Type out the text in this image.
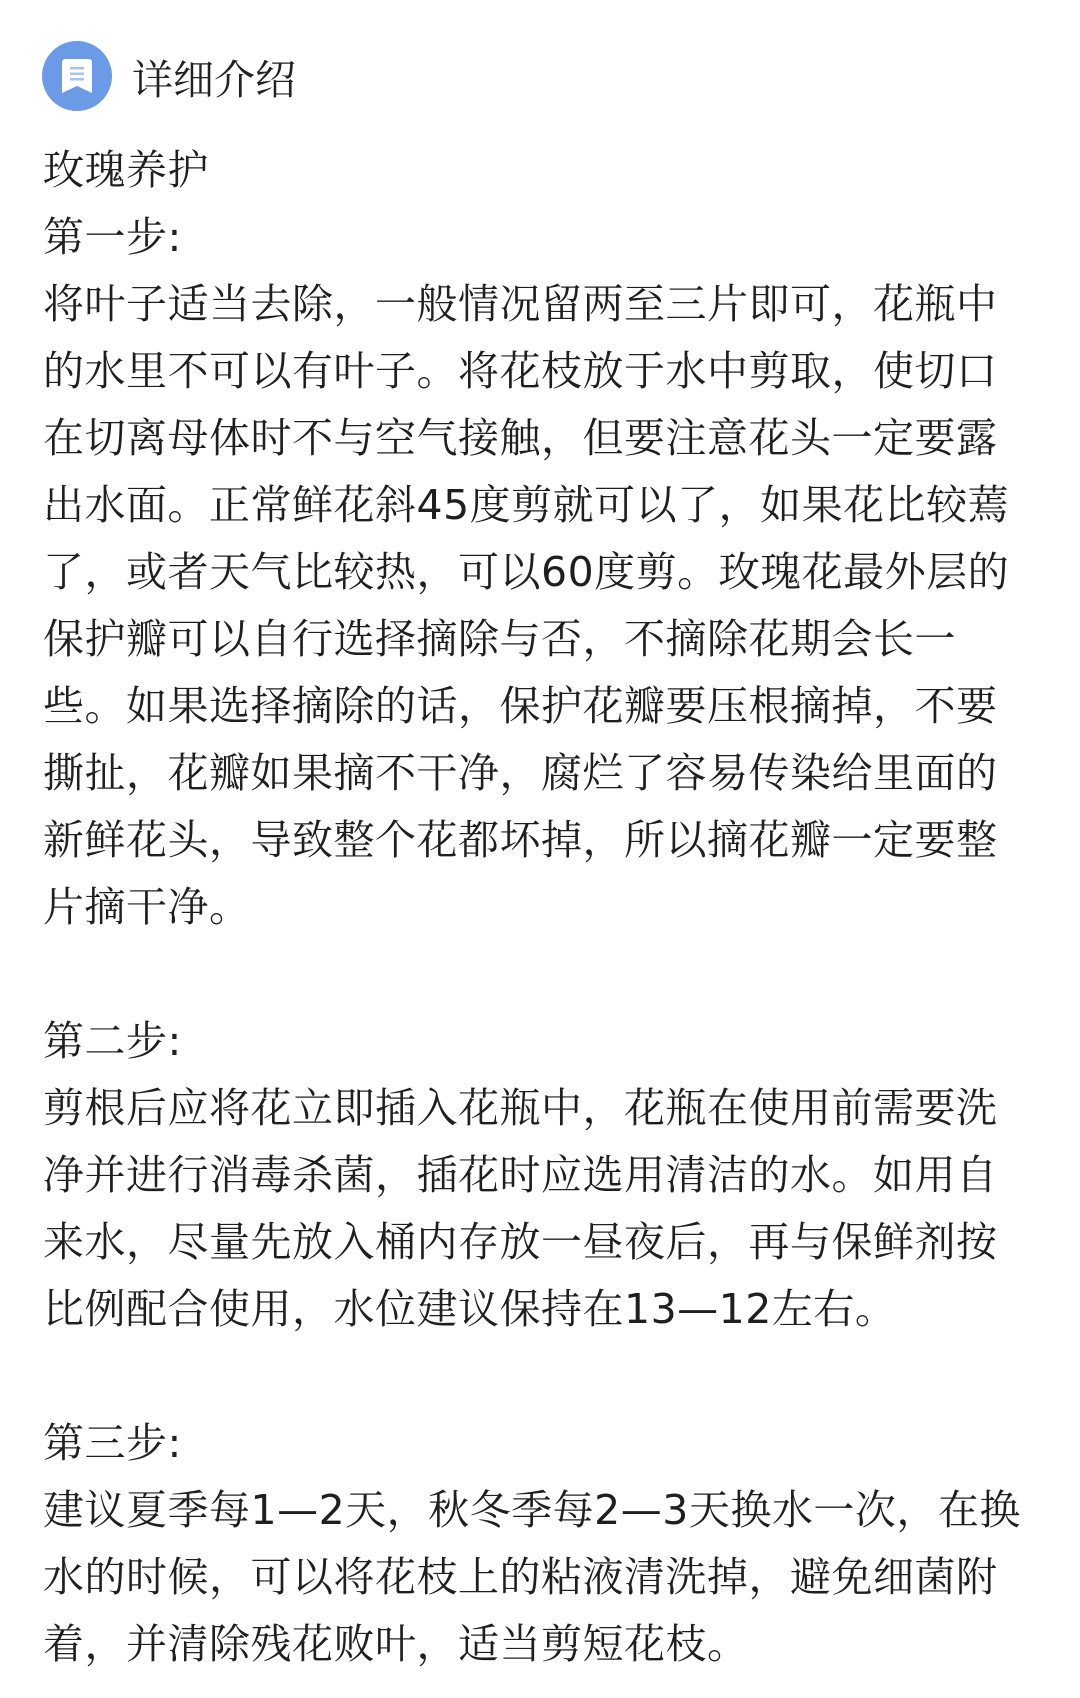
详细介绍
玫瑰养护
第一步:
将叶子适当去除，一般情况留两至三片即可，花瓶中
的水里不可以有叶子。将花枝放于水中剪取，使切口
在切离母体时不与空气接触，但要注意花头一定要露
出水面。正常鲜花斜45度剪就可以了，如果花比较蔫
了，或者天气比较热，可以60度剪。玫瑰花最外层的
保护瓣可以自行选择摘除与否，不摘除花期会长一
些。如果选择摘除的话，保护花瓣要压根摘掉，不要
撕扯，花瓣如果摘不干净，腐烂了容易传染给里面的
新鲜花头，导致整个花都坏掉，所以摘花瓣一定要整
片摘干净。
第二步:
剪根后应将花立即插入花瓶中，花瓶在使用前需要洗
净并进行消毒杀菌，插花时应选用清洁的水。如用自
来水，尽量先放入桶内存放一昼夜后，再与保鲜剂按
比例配合使用，水位建议保持在13—12左右。
第三步:
建议夏季每1—2天，秋冬季每2—3天换水一次，在换
水的时候，可以将花枝上的粘液清洗掉，避免细菌附
着，并清除残花败叶，适当剪短花枝。
